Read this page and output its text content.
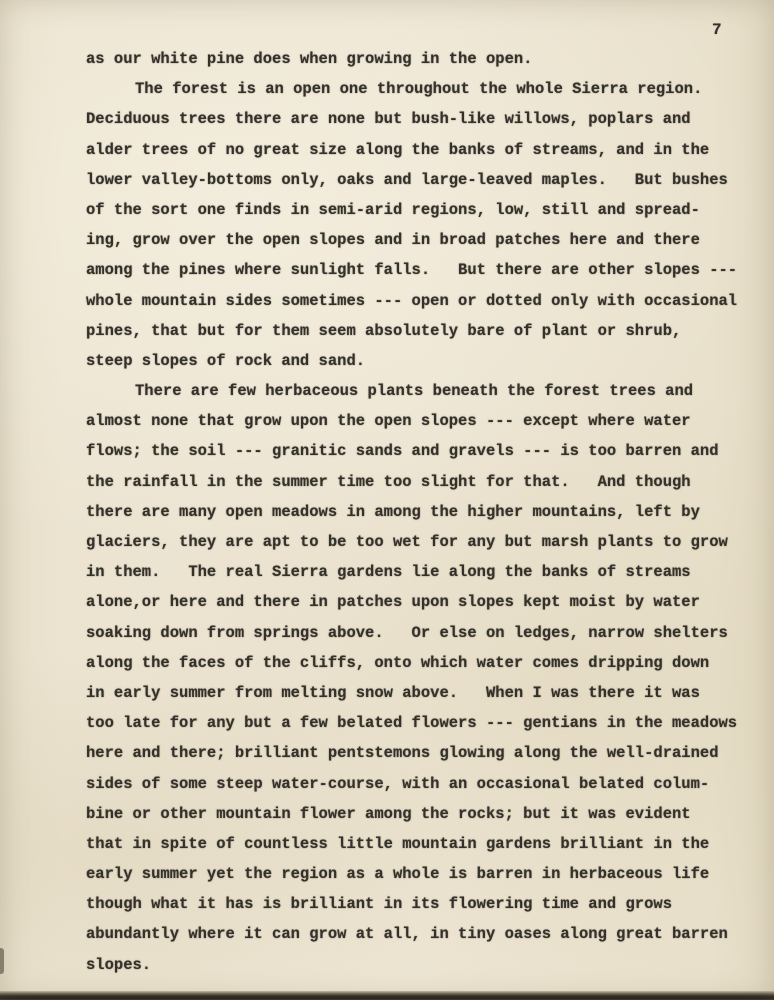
7
as our white pine does when growing in the open.
The forest is an open one throughout the whole Sierra region.
Deciduous trees there are none but bush-like willows, poplars and
alder trees of no great size along the banks of streams, and in the
lower valley-bottoms only, oaks and large-leaved maples.   But bushes
of the sort one finds in semi-arid regions, low, still and spread-
ing, grow over the open slopes and in broad patches here and there
among the pines where sunlight falls.   But there are other slopes ---
whole mountain sides sometimes --- open or dotted only with occasional
pines, that but for them seem absolutely bare of plant or shrub,
steep slopes of rock and sand.
There are few herbaceous plants beneath the forest trees and
almost none that grow upon the open slopes --- except where water
flows; the soil --- granitic sands and gravels --- is too barren and
the rainfall in the summer time too slight for that.   And though
there are many open meadows in among the higher mountains, left by
glaciers, they are apt to be too wet for any but marsh plants to grow
in them.   The real Sierra gardens lie along the banks of streams
alone,or here and there in patches upon slopes kept moist by water
soaking down from springs above.   Or else on ledges, narrow shelters
along the faces of the cliffs, onto which water comes dripping down
in early summer from melting snow above.   When I was there it was
too late for any but a few belated flowers --- gentians in the meadows
here and there; brilliant pentstemons glowing along the well-drained
sides of some steep water-course, with an occasional belated colum-
bine or other mountain flower among the rocks; but it was evident
that in spite of countless little mountain gardens brilliant in the
early summer yet the region as a whole is barren in herbaceous life
though what it has is brilliant in its flowering time and grows
abundantly where it can grow at all, in tiny oases along great barren
slopes.
